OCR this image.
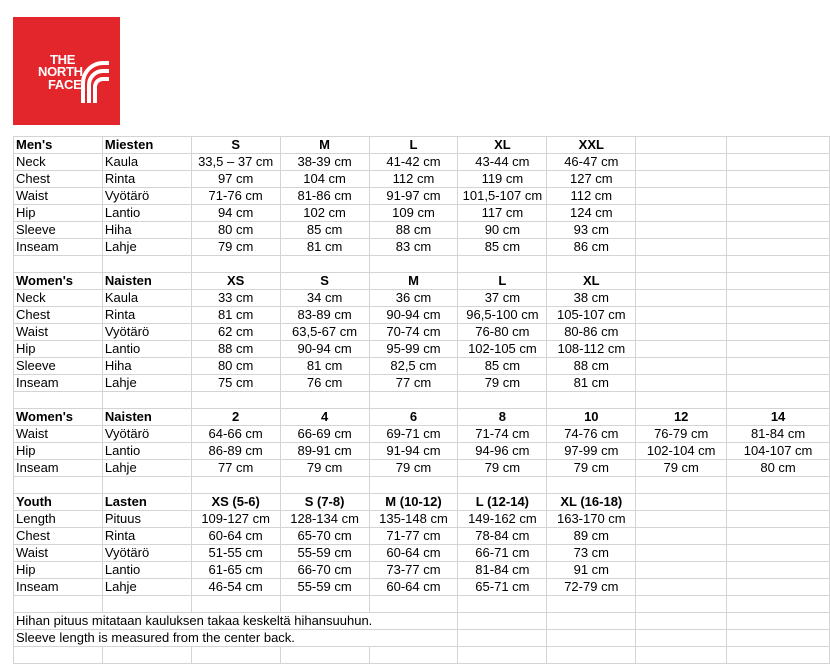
THE
NORTH
FACE
Men's	Miesten	S	M	L	XL	XXL		
Neck	Kaula	33,5 – 37 cm	38-39 cm	41-42 cm	43-44 cm	46-47 cm		
Chest	Rinta	97 cm	104 cm	112 cm	119 cm	127 cm		
Waist	Vyötärö	71-76 cm	81-86 cm	91-97 cm	101,5-107 cm	112 cm		
Hip	Lantio	94 cm	102 cm	109 cm	117 cm	124 cm		
Sleeve	Hiha	80 cm	85 cm	88 cm	90 cm	93 cm		
Inseam	Lahje	79 cm	81 cm	83 cm	85 cm	86 cm		

Women's	Naisten	XS	S	M	L	XL		
Neck	Kaula	33 cm	34 cm	36 cm	37 cm	38 cm		
Chest	Rinta	81 cm	83-89 cm	90-94 cm	96,5-100 cm	105-107 cm		
Waist	Vyötärö	62 cm	63,5-67 cm	70-74 cm	76-80 cm	80-86 cm		
Hip	Lantio	88 cm	90-94 cm	95-99 cm	102-105 cm	108-112 cm		
Sleeve	Hiha	80 cm	81 cm	82,5 cm	85 cm	88 cm		
Inseam	Lahje	75 cm	76 cm	77 cm	79 cm	81 cm		

Women's	Naisten	2	4	6	8	10	12	14
Waist	Vyötärö	64-66 cm	66-69 cm	69-71 cm	71-74 cm	74-76 cm	76-79 cm	81-84 cm
Hip	Lantio	86-89 cm	89-91 cm	91-94 cm	94-96 cm	97-99 cm	102-104 cm	104-107 cm
Inseam	Lahje	77 cm	79 cm	79 cm	79 cm	79 cm	79 cm	80 cm

Youth	Lasten	XS (5-6)	S (7-8)	M (10-12)	L (12-14)	XL (16-18)		
Length	Pituus	109-127 cm	128-134 cm	135-148 cm	149-162 cm	163-170 cm		
Chest	Rinta	60-64 cm	65-70 cm	71-77 cm	78-84 cm	89 cm		
Waist	Vyötärö	51-55 cm	55-59 cm	60-64 cm	66-71 cm	73 cm		
Hip	Lantio	61-65 cm	66-70 cm	73-77 cm	81-84 cm	91 cm		
Inseam	Lahje	46-54 cm	55-59 cm	60-64 cm	65-71 cm	72-79 cm		

Hihan pituus mitataan kauluksen takaa keskeltä hihansuuhun.								
Sleeve length is measured from the center back.								
